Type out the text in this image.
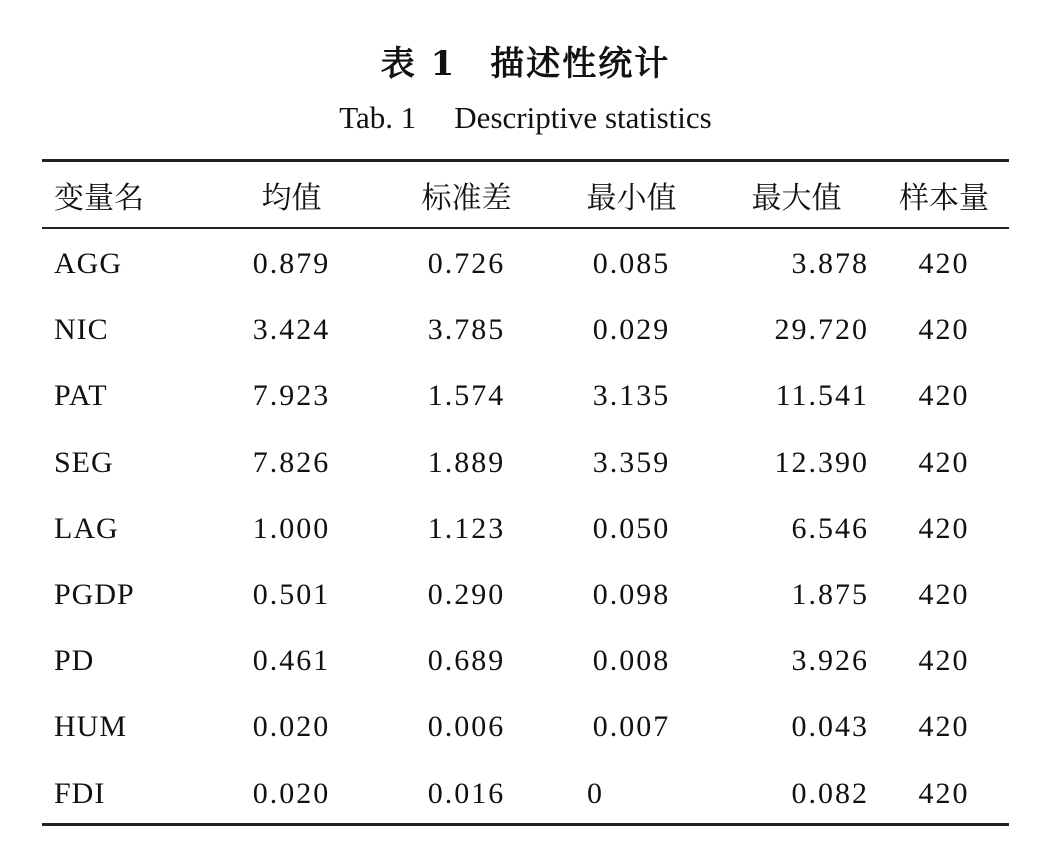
表 1 描述性统计
Tab. 1 Descriptive statistics
变量名	均值	标准差	最小值	最大值	样本量
AGG	0.879	0.726	0.085	3.878	420
NIC	3.424	3.785	0.029	29.720	420
PAT	7.923	1.574	3.135	11.541	420
SEG	7.826	1.889	3.359	12.390	420
LAG	1.000	1.123	0.050	6.546	420
PGDP	0.501	0.290	0.098	1.875	420
PD	0.461	0.689	0.008	3.926	420
HUM	0.020	0.006	0.007	0.043	420
FDI	0.020	0.016	0	0.082	420
